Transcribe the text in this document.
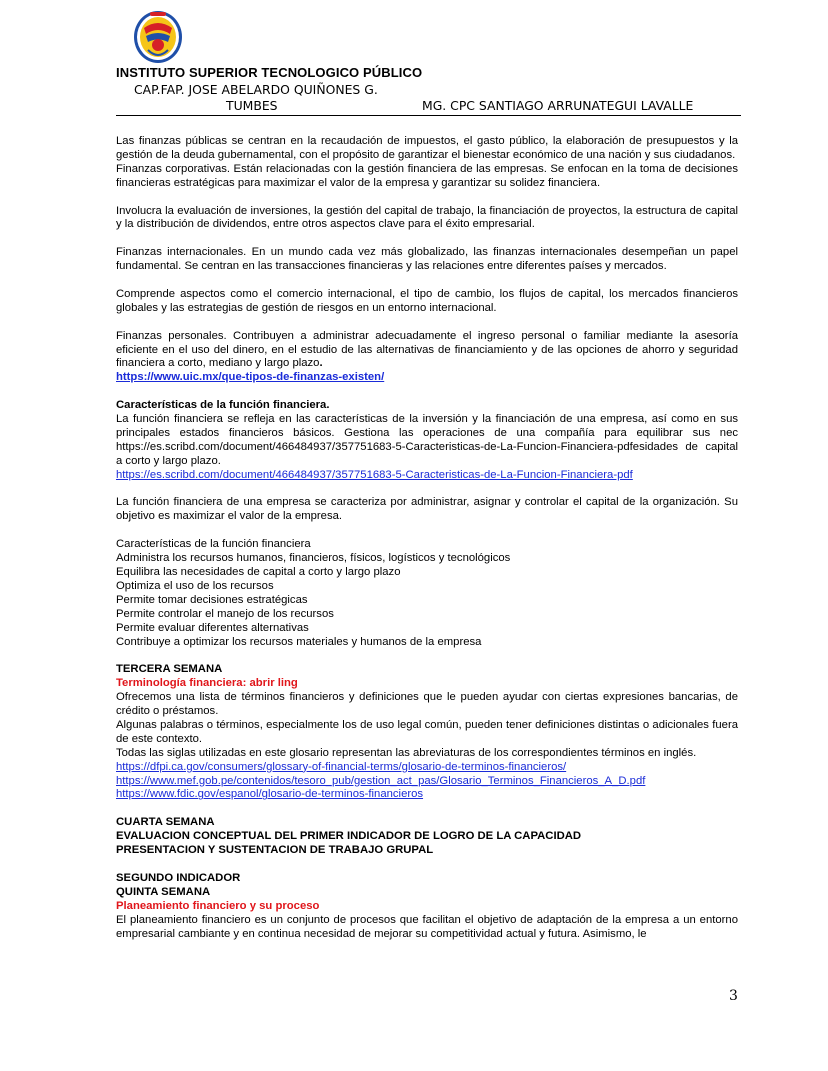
INSTITUTO SUPERIOR TECNOLOGICO PÚBLICO
CAP.FAP. JOSE ABELARDO QUIÑONES G.
TUMBES	MG. CPC SANTIAGO ARRUNATEGUI LAVALLE

Las finanzas públicas se centran en la recaudación de impuestos, el gasto público, la elaboración de presupuestos y la gestión de la deuda gubernamental, con el propósito de garantizar el bienestar económico de una nación y sus ciudadanos.

Finanzas corporativas. Están relacionadas con la gestión financiera de las empresas. Se enfocan en la toma de decisiones financieras estratégicas para maximizar el valor de la empresa y garantizar su solidez financiera.

Involucra la evaluación de inversiones, la gestión del capital de trabajo, la financiación de proyectos, la estructura de capital y la distribución de dividendos, entre otros aspectos clave para el éxito empresarial.

Finanzas internacionales. En un mundo cada vez más globalizado, las finanzas internacionales desempeñan un papel fundamental. Se centran en las transacciones financieras y las relaciones entre diferentes países y mercados.

Comprende aspectos como el comercio internacional, el tipo de cambio, los flujos de capital, los mercados financieros globales y las estrategias de gestión de riesgos en un entorno internacional.

Finanzas personales. Contribuyen a administrar adecuadamente el ingreso personal o familiar mediante la asesoría eficiente en el uso del dinero, en el estudio de las alternativas de financiamiento y de las opciones de ahorro y seguridad financiera a corto, mediano y largo plazo.

https://www.uic.mx/que-tipos-de-finanzas-existen/

Características de la función financiera.

La función financiera se refleja en las características de la inversión y la financiación de una empresa, así como en sus principales estados financieros básicos. Gestiona las operaciones de una compañía para equilibrar sus nec https://es.scribd.com/document/466484937/357751683-5-Caracteristicas-de-La-Funcion-Financiera-pdfesidades de capital a corto y largo plazo.

https://es.scribd.com/document/466484937/357751683-5-Caracteristicas-de-La-Funcion-Financiera-pdf

La función financiera de una empresa se caracteriza por administrar, asignar y controlar el capital de la organización. Su objetivo es maximizar el valor de la empresa.

Características de la función financiera

Administra los recursos humanos, financieros, físicos, logísticos y tecnológicos

Equilibra las necesidades de capital a corto y largo plazo

Optimiza el uso de los recursos

Permite tomar decisiones estratégicas

Permite controlar el manejo de los recursos

Permite evaluar diferentes alternativas

Contribuye a optimizar los recursos materiales y humanos de la empresa

TERCERA SEMANA

Terminología financiera: abrir ling

Ofrecemos una lista de términos financieros y definiciones que le pueden ayudar con ciertas expresiones bancarias, de crédito o préstamos.

Algunas palabras o términos, especialmente los de uso legal común, pueden tener definiciones distintas o adicionales fuera de este contexto.

Todas las siglas utilizadas en este glosario representan las abreviaturas de los correspondientes términos en inglés.

https://dfpi.ca.gov/consumers/glossary-of-financial-terms/glosario-de-terminos-financieros/

https://www.mef.gob.pe/contenidos/tesoro_pub/gestion_act_pas/Glosario_Terminos_Financieros_A_D.pdf

https://www.fdic.gov/espanol/glosario-de-terminos-financieros

CUARTA SEMANA

EVALUACION CONCEPTUAL DEL PRIMER INDICADOR DE LOGRO DE LA CAPACIDAD

PRESENTACION Y SUSTENTACION DE TRABAJO GRUPAL

SEGUNDO INDICADOR

QUINTA SEMANA

Planeamiento financiero y su proceso

El planeamiento financiero es un conjunto de procesos que facilitan el objetivo de adaptación de la empresa a un entorno empresarial cambiante y en continua necesidad de mejorar su competitividad actual y futura. Asimismo, le

3
